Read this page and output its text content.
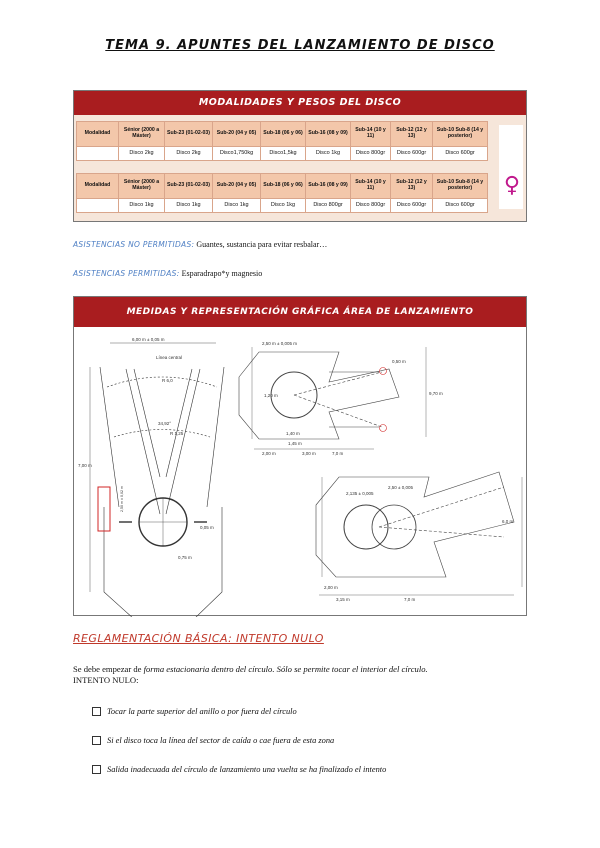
TEMA 9. APUNTES DEL LANZAMIENTO DE DISCO
MODALIDADES Y PESOS DEL DISCO
Modalidad	Sénior (2000 a Máster)	Sub-23 (01-02-03)	Sub-20 (04 y 05)	Sub-18 (06 y 06)	Sub-16 (08 y 09)	Sub-14 (10 y 11)	Sub-12 (12 y 13)	Sub-10 Sub-8 (14 y posterior)
	Disco 2kg	Disco 2kg	Disco1,750kg	Disco1,5kg	Disco 1kg	Disco 800gr	Disco 600gr	Disco 600gr
Modalidad	Sénior (2000 a Máster)	Sub-23 (01-02-03)	Sub-20 (04 y 05)	Sub-18 (06 y 06)	Sub-16 (08 y 09)	Sub-14 (10 y 11)	Sub-12 (12 y 13)	Sub-10 Sub-8 (14 y posterior)
	Disco 1kg	Disco 1kg	Disco 1kg	Disco 1kg	Disco 800gr	Disco 800gr	Disco 600gr	Disco 600gr
♀
ASISTENCIAS NO PERMITIDAS: Guantes, sustancia para evitar resbalar…
ASISTENCIAS PERMITIDAS: Esparadrapo*y magnesio
MEDIDAS Y REPRESENTACIÓN GRÁFICA ÁREA DE LANZAMIENTO
6,00 m ± 0,05 m
Línea central
R 6,0
34,92°
R 1,25
7,00 m
0,75 m
0,05 m
2,50 m ± 0,02 m
2,50 m ± 0,005 m
1,20 m
1,40 m
1,45 m
2,00 m	3,00 m	7,0 m
0,50 m
9,70 m
2,135 ± 0,005
2,50 ± 0,005
3,15 m	7,0 m
6,0 m
2,00 m
REGLAMENTACIÓN BÁSICA: INTENTO NULO
Se debe empezar de forma estacionaria dentro del círculo. Sólo se permite tocar el interior del círculo.
INTENTO NULO:
Tocar la parte superior del anillo o por fuera del círculo
Si el disco toca la línea del sector de caída o cae fuera de esta zona
Salida inadecuada del círculo de lanzamiento una vuelta se ha finalizado el intento
